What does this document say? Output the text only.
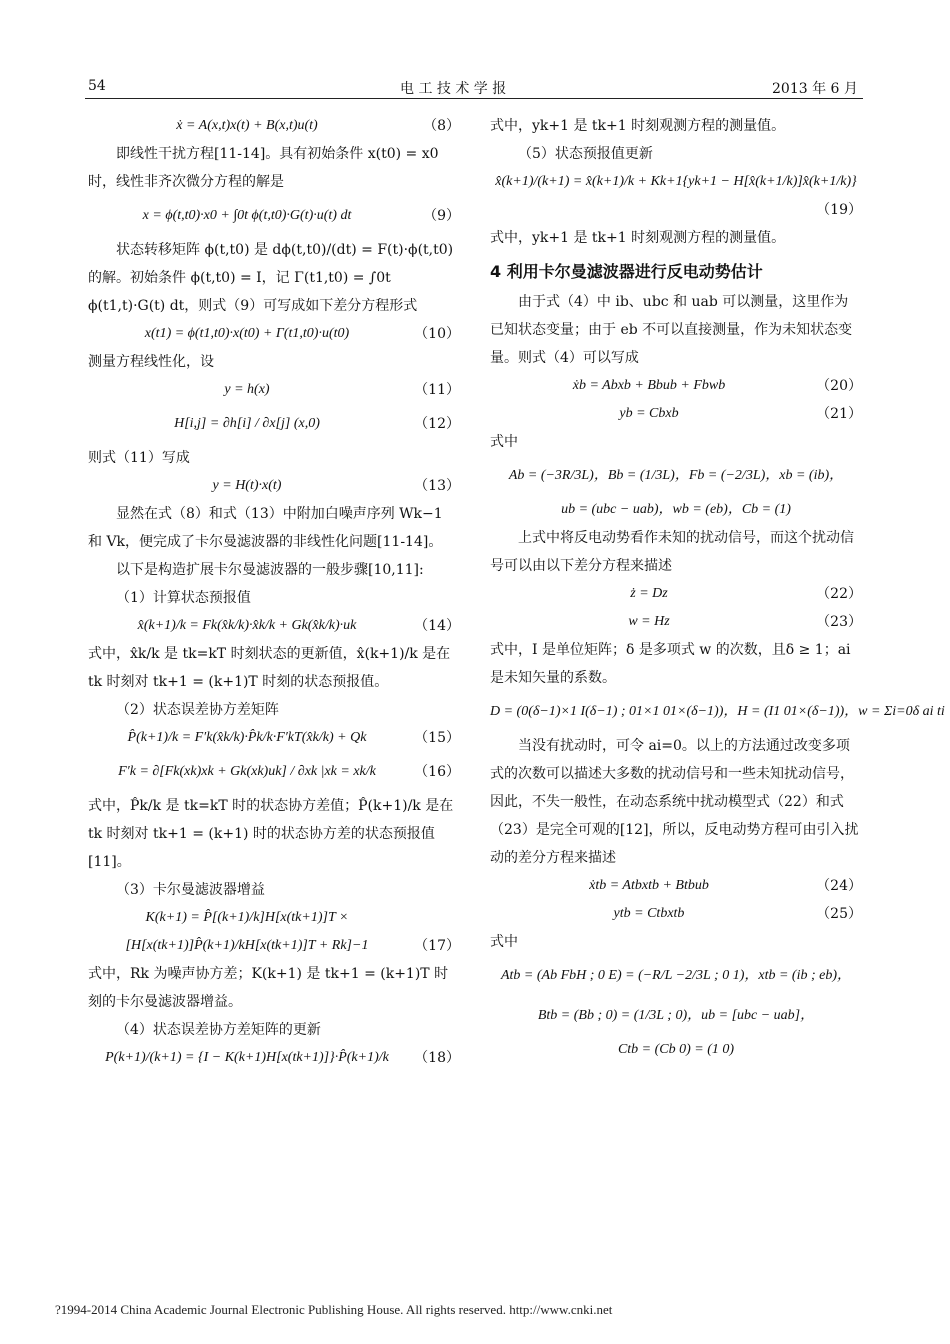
54	电 工 技 术 学 报	2013 年 6 月
ẋ = A(x,t)x(t) + B(x,t)u(t)	（8）

即线性干扰方程[11-14]。具有初始条件 x(t0) = x0 时，线性非齐次微分方程的解是

x = ϕ(t,t0)·x0 + ∫0t ϕ(t,t0)·G(t)·u(t) dt	（9）

状态转移矩阵 ϕ(t,t0) 是 dϕ(t,t0)/(dt) = F(t)·ϕ(t,t0) 的解。初始条件 ϕ(t,t0) = I，记 Γ(t1,t0) = ∫0t ϕ(t1,t)·G(t) dt，则式（9）可写成如下差分方程形式

x(t1) = ϕ(t1,t0)·x(t0) + Γ(t1,t0)·u(t0)	（10）

测量方程线性化，设

y = h(x)	（11）
H[i,j] = ∂h[i] / ∂x[j] (x,0)	（12）

则式（11）写成

y = H(t)·x(t)	（13）

显然在式（8）和式（13）中附加白噪声序列 Wk−1 和 Vk，便完成了卡尔曼滤波器的非线性化问题[11-14]。

以下是构造扩展卡尔曼滤波器的一般步骤[10,11]:

（1）计算状态预报值

x̂(k+1)/k = Fk(x̂k/k)·x̂k/k + Gk(x̂k/k)·uk	（14）

式中，x̂k/k 是 tk=kT 时刻状态的更新值，x̂(k+1)/k 是在 tk 时刻对 tk+1 = (k+1)T 时刻的状态预报值。

（2）状态误差协方差矩阵

P̂(k+1)/k = F′k(x̂k/k)·P̂k/k·F′kT(x̂k/k) + Qk	（15）
F′k = ∂[Fk(xk)xk + Gk(xk)uk] / ∂xk |xk = xk/k	（16）

式中，P̂k/k 是 tk=kT 时的状态协方差值；P̂(k+1)/k 是在 tk 时刻对 tk+1 = (k+1) 时的状态协方差的状态预报值[11]。

（3）卡尔曼滤波器增益

K(k+1) = P̂[(k+1)/k]H[x(tk+1)]T ×
[H[x(tk+1)]P̂(k+1)/kH[x(tk+1)]T + Rk]−1	（17）

式中，Rk 为噪声协方差；K(k+1) 是 tk+1 = (k+1)T 时刻的卡尔曼滤波器增益。

（4）状态误差协方差矩阵的更新

P(k+1)/(k+1) = {I − K(k+1)H[x(tk+1)]}·P̂(k+1)/k	（18）

式中，yk+1 是 tk+1 时刻观测方程的测量值。

（5）状态预报值更新

x̂(k+1)/(k+1) = x̂(k+1)/k + Kk+1{yk+1 − H[x̂(k+1/k)]x̂(k+1/k)}
（19）

式中，yk+1 是 tk+1 时刻观测方程的测量值。

4 利用卡尔曼滤波器进行反电动势估计

由于式（4）中 ib、ubc 和 uab 可以测量，这里作为已知状态变量；由于 eb 不可以直接测量，作为未知状态变量。则式（4）可以写成

ẋb = Abxb + Bbub + Fbwb	（20）
yb = Cbxb	（21）

式中

Ab = (−3R/3L)，Bb = (1/3L)，Fb = (−2/3L)，xb = (ib)，
ub = (ubc − uab)，wb = (eb)，Cb = (1)

上式中将反电动势看作未知的扰动信号，而这个扰动信号可以由以下差分方程来描述

ż = Dz	（22）
w = Hz	（23）

式中，I 是单位矩阵；δ 是多项式 w 的次数，且δ ≥ 1；ai 是未知矢量的系数。

D = (0(δ−1)×1 I(δ−1) ; 01×1 01×(δ−1))，H = (I1 01×(δ−1))，w = Σi=0δ ai ti

当没有扰动时，可令 ai=0。以上的方法通过改变多项式的次数可以描述大多数的扰动信号和一些未知扰动信号，因此，不失一般性，在动态系统中扰动模型式（22）和式（23）是完全可观的[12]，所以，反电动势方程可由引入扰动的差分方程来描述

ẋtb = Atbxtb + Btbub	（24）
ytb = Ctbxtb	（25）

式中

Atb = (Ab FbH ; 0 E) = (−R/L −2/3L ; 0 1)，xtb = (ib ; eb)，
Btb = (Bb ; 0) = (1/3L ; 0)，ub = [ubc − uab]，
Ctb = (Cb 0) = (1 0)
?1994-2014 China Academic Journal Electronic Publishing House. All rights reserved. http://www.cnki.net
